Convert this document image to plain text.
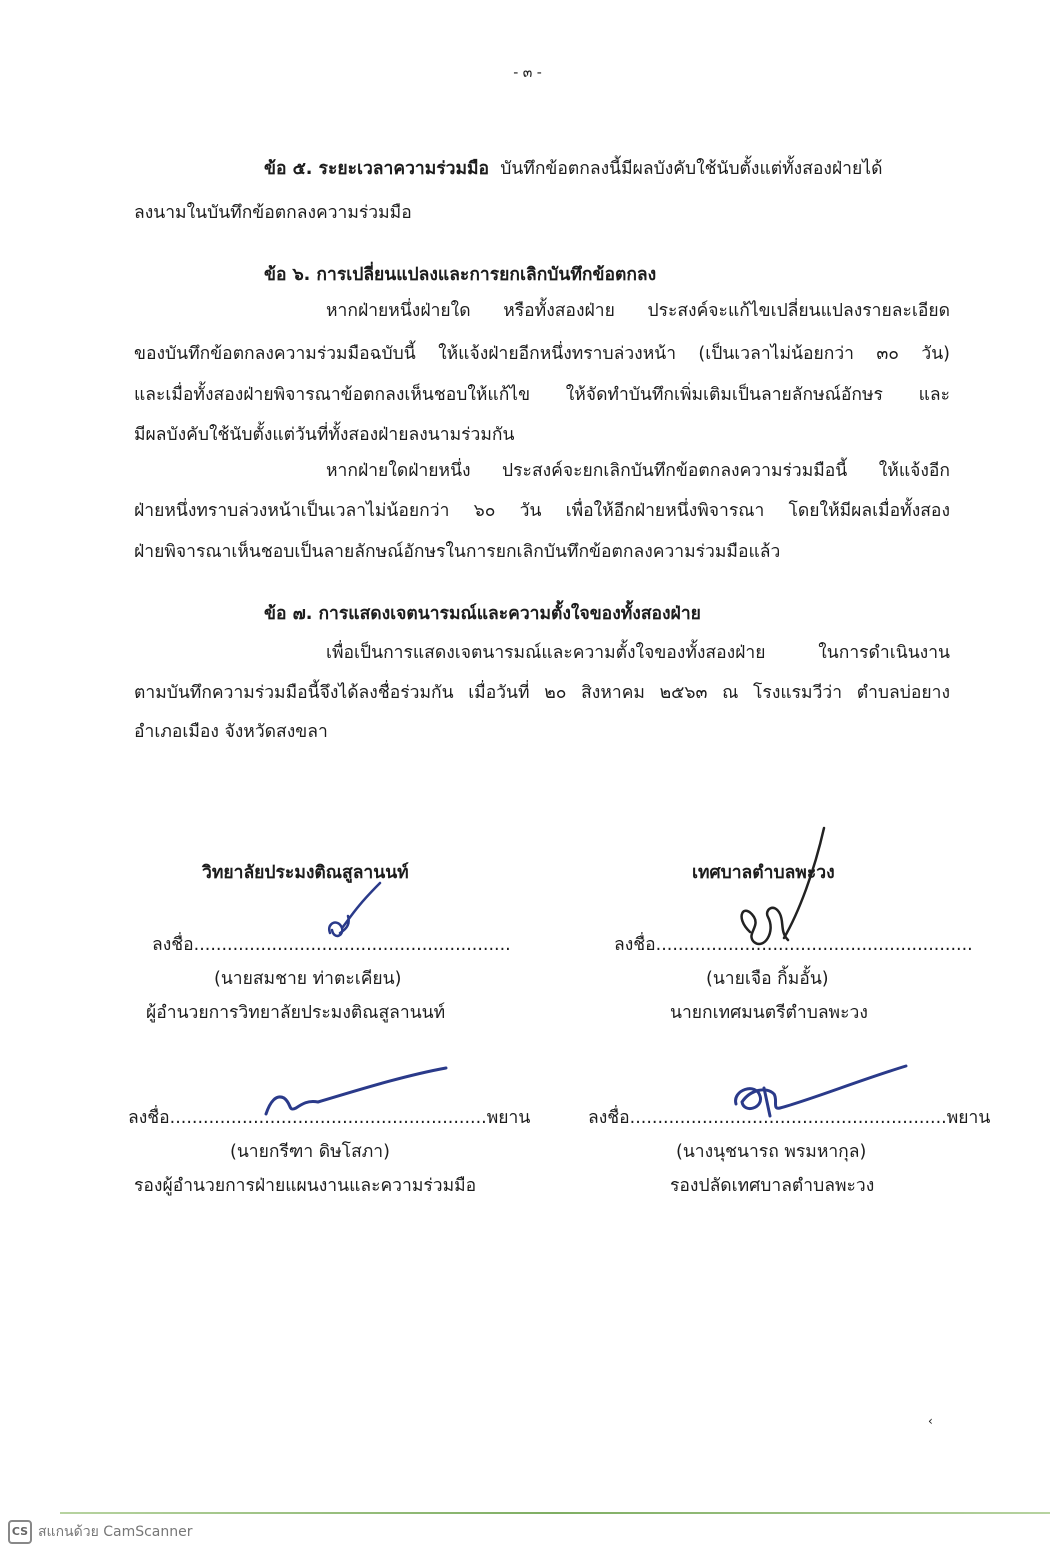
- ๓ -
ข้อ ๕. ระยะเวลาความร่วมมือ บันทึกข้อตกลงนี้มีผลบังคับใช้นับตั้งแต่ทั้งสองฝ่ายได้
ลงนามในบันทึกข้อตกลงความร่วมมือ
ข้อ ๖. การเปลี่ยนแปลงและการยกเลิกบันทึกข้อตกลง
หากฝ่ายหนึ่งฝ่ายใด หรือทั้งสองฝ่าย ประสงค์จะแก้ไขเปลี่ยนแปลงรายละเอียด
ของบันทึกข้อตกลงความร่วมมือฉบับนี้ ให้แจ้งฝ่ายอีกหนึ่งทราบล่วงหน้า (เป็นเวลาไม่น้อยกว่า ๓๐ วัน)
และเมื่อทั้งสองฝ่ายพิจารณาข้อตกลงเห็นชอบให้แก้ไข ให้จัดทำบันทึกเพิ่มเติมเป็นลายลักษณ์อักษร และ
มีผลบังคับใช้นับตั้งแต่วันที่ทั้งสองฝ่ายลงนามร่วมกัน
หากฝ่ายใดฝ่ายหนึ่ง ประสงค์จะยกเลิกบันทึกข้อตกลงความร่วมมือนี้ ให้แจ้งอีก
ฝ่ายหนึ่งทราบล่วงหน้าเป็นเวลาไม่น้อยกว่า ๖๐ วัน เพื่อให้อีกฝ่ายหนึ่งพิจารณา โดยให้มีผลเมื่อทั้งสอง
ฝ่ายพิจารณาเห็นชอบเป็นลายลักษณ์อักษรในการยกเลิกบันทึกข้อตกลงความร่วมมือแล้ว
ข้อ ๗. การแสดงเจตนารมณ์และความตั้งใจของทั้งสองฝ่าย
เพื่อเป็นการแสดงเจตนารมณ์และความตั้งใจของทั้งสองฝ่าย ในการดำเนินงาน
ตามบันทึกความร่วมมือนี้จึงได้ลงชื่อร่วมกัน เมื่อวันที่ ๒๐ สิงหาคม ๒๕๖๓ ณ โรงแรมวีว่า ตำบลบ่อยาง
อำเภอเมือง จังหวัดสงขลา
วิทยาลัยประมงติณสูลานนท์
ลงชื่อ.........................................................
(นายสมชาย ท่าตะเคียน)
ผู้อำนวยการวิทยาลัยประมงติณสูลานนท์
เทศบาลตำบลพะวง
ลงชื่อ.........................................................
(นายเจือ กิ้มอั้น)
นายกเทศมนตรีตำบลพะวง
ลงชื่อ.........................................................พยาน
(นายกรีฑา ดิษโสภา)
รองผู้อำนวยการฝ่ายแผนงานและความร่วมมือ
ลงชื่อ.........................................................พยาน
(นางนุชนารถ พรมหากุล)
รองปลัดเทศบาลตำบลพะวง
‹
CS สแกนด้วย CamScanner
